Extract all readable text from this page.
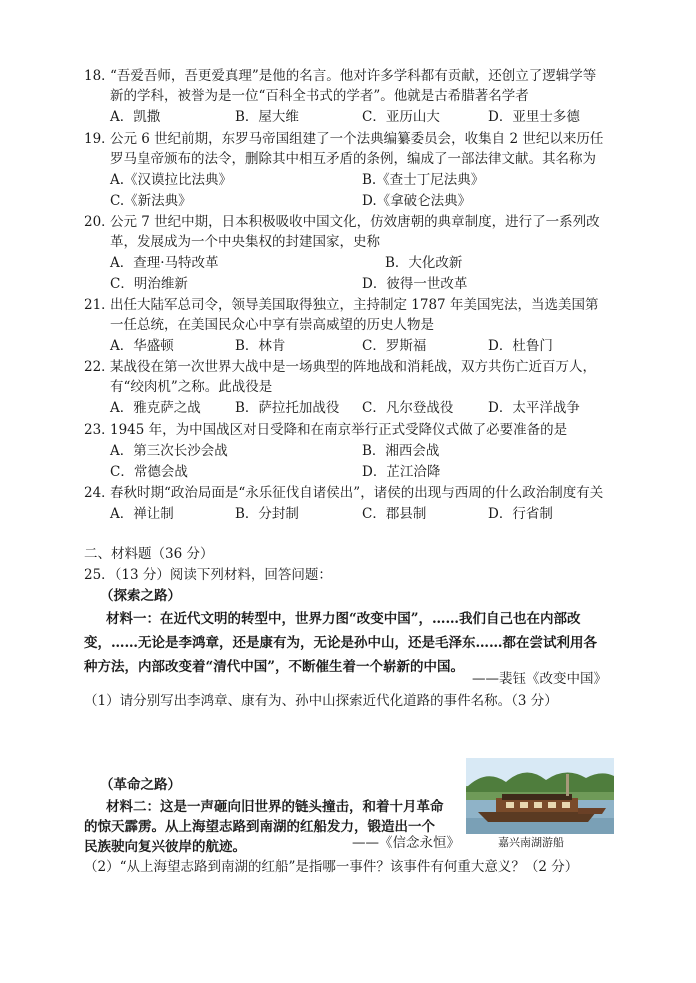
18．
“吾爱吾师，吾更爱真理”是他的名言。他对许多学科都有贡献，还创立了逻辑学等
新的学科，被誉为是一位“百科全书式的学者”。他就是古希腊著名学者
A．凯撒	B．屋大维	C．亚历山大	D．亚里士多德
19．
公元 6 世纪前期，东罗马帝国组建了一个法典编纂委员会，收集自 2 世纪以来历任
罗马皇帝颁布的法令，删除其中相互矛盾的条例，编成了一部法律文献。其名称为
A.《汉谟拉比法典》	B.《查士丁尼法典》
C.《新法典》	D.《拿破仑法典》
20．
公元 7 世纪中期，日本积极吸收中国文化，仿效唐朝的典章制度，进行了一系列改
革，发展成为一个中央集权的封建国家，史称
A．查理·马特改革	B．大化改新
C．明治维新	D．彼得一世改革
21．
出任大陆军总司令，领导美国取得独立，主持制定 1787 年美国宪法，当选美国第
一任总统，在美国民众心中享有崇高威望的历史人物是
A．华盛顿	B．林肯	C．罗斯福	D．杜鲁门
22．
某战役在第一次世界大战中是一场典型的阵地战和消耗战，双方共伤亡近百万人，
有“绞肉机”之称。此战役是
A．雅克萨之战	B．萨拉托加战役 C．凡尔登战役	D．太平洋战争
23．
1945 年，为中国战区对日受降和在南京举行正式受降仪式做了必要准备的是
A．第三次长沙会战	B．湘西会战
C．常德会战	D．芷江洽降
24．
春秋时期“政治局面是“永乐征伐自诸侯出”，诸侯的出现与西周的什么政治制度有关
A．禅让制	B．分封制	C．郡县制	D．行省制
二、材料题（36 分）
25．（13 分）阅读下列材料，回答问题：
（探索之路）
材料一：在近代文明的转型中，世界力图“改变中国”，……我们自己也在内部改
变，……无论是李鸿章，还是康有为，无论是孙中山，还是毛泽东……都在尝试利用各
种方法，内部改变着“清代中国”，不断催生着一个崭新的中国。
——裴钰《改变中国》
（1）请分别写出李鸿章、康有为、孙中山探索近代化道路的事件名称。（3 分）
（革命之路）
材料二：这是一声砸向旧世界的链头撞击，和着十月革命
的惊天霹雳。从上海望志路到南湖的红船发力，锻造出一个
民族驶向复兴彼岸的航迹。	——《信念永恒》	嘉兴南湖游船
（2）“从上海望志路到南湖的红船”是指哪一事件？该事件有何重大意义？（2 分）
